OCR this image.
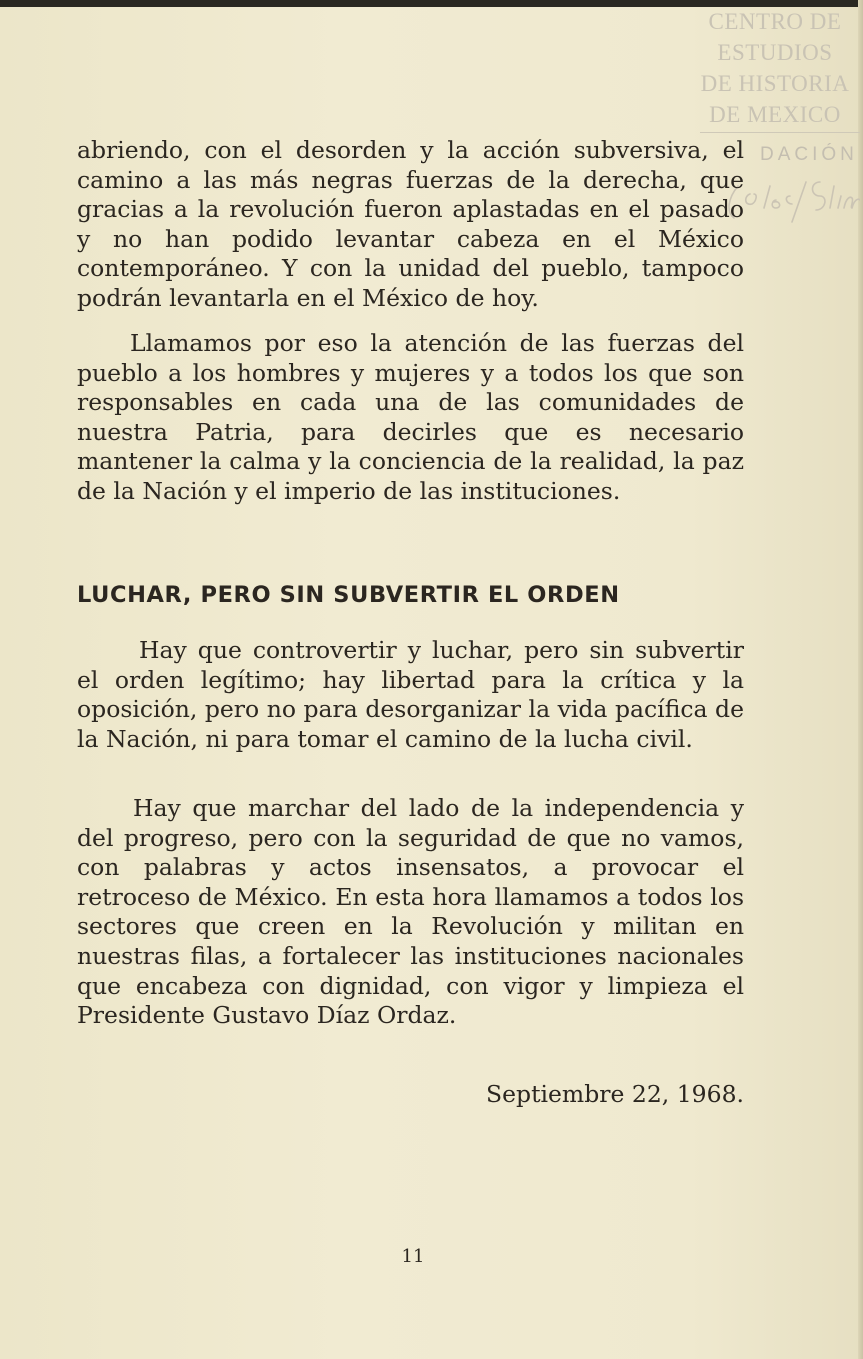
CENTRO DE
ESTUDIOS
DE HISTORIA
DE MEXICO
DACIÓN
abriendo, con el desorden y la acción subversiva, el camino a las más negras fuerzas de la derecha, que gracias a la revolución fueron aplastadas en el pasado y no han podido levantar cabeza en el México contemporáneo. Y con la unidad del pueblo, tampoco podrán levantarla en el México de hoy.
Llamamos por eso la atención de las fuerzas del pueblo a los hombres y mujeres y a todos los que son responsables en cada una de las comunidades de nuestra Patria, para decirles que es necesario mantener la calma y la conciencia de la realidad, la paz de la Nación y el imperio de las instituciones.
LUCHAR, PERO SIN SUBVERTIR EL ORDEN
Hay que controvertir y luchar, pero sin subvertir el orden legítimo; hay libertad para la crítica y la oposición, pero no para desorganizar la vida pacífica de la Nación, ni para tomar el camino de la lucha civil.
Hay que marchar del lado de la independencia y del progreso, pero con la seguridad de que no vamos, con palabras y actos insensatos, a provocar el retroceso de México. En esta hora llamamos a todos los sectores que creen en la Revolución y militan en nuestras filas, a fortalecer las instituciones nacionales que encabeza con dignidad, con vigor y limpieza el Presidente Gustavo Díaz Ordaz.
Septiembre 22, 1968.
11
